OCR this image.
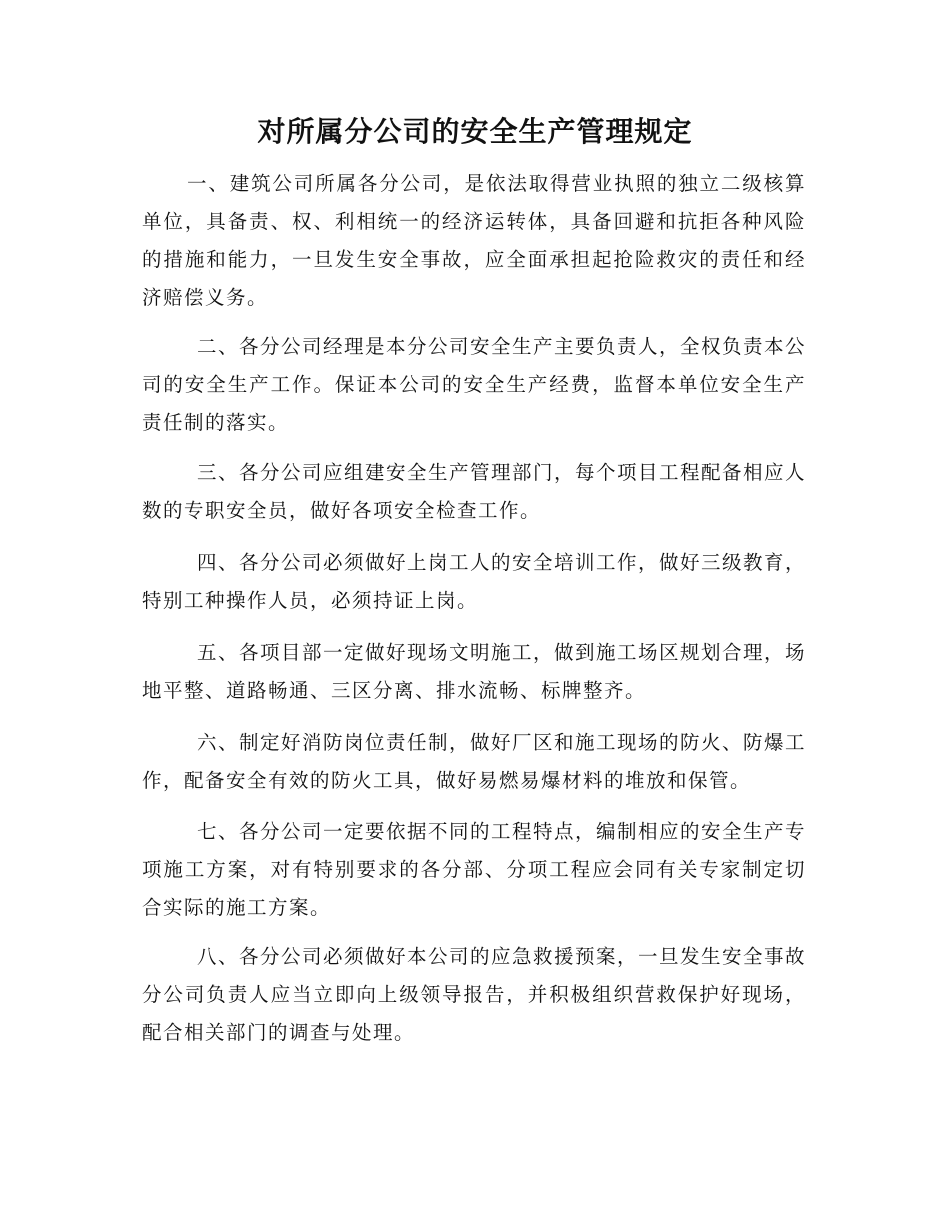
对所属分公司的安全生产管理规定

一、建筑公司所属各分公司，是依法取得营业执照的独立二级核算单位，具备责、权、利相统一的经济运转体，具备回避和抗拒各种风险的措施和能力，一旦发生安全事故，应全面承担起抢险救灾的责任和经济赔偿义务。

二、各分公司经理是本分公司安全生产主要负责人，全权负责本公司的安全生产工作。保证本公司的安全生产经费，监督本单位安全生产责任制的落实。

三、各分公司应组建安全生产管理部门，每个项目工程配备相应人数的专职安全员，做好各项安全检查工作。

四、各分公司必须做好上岗工人的安全培训工作，做好三级教育，特别工种操作人员，必须持证上岗。

五、各项目部一定做好现场文明施工，做到施工场区规划合理，场地平整、道路畅通、三区分离、排水流畅、标牌整齐。

六、制定好消防岗位责任制，做好厂区和施工现场的防火、防爆工作，配备安全有效的防火工具，做好易燃易爆材料的堆放和保管。

七、各分公司一定要依据不同的工程特点，编制相应的安全生产专项施工方案，对有特别要求的各分部、分项工程应会同有关专家制定切合实际的施工方案。

八、各分公司必须做好本公司的应急救援预案，一旦发生安全事故分公司负责人应当立即向上级领导报告，并积极组织营救保护好现场，配合相关部门的调查与处理。
